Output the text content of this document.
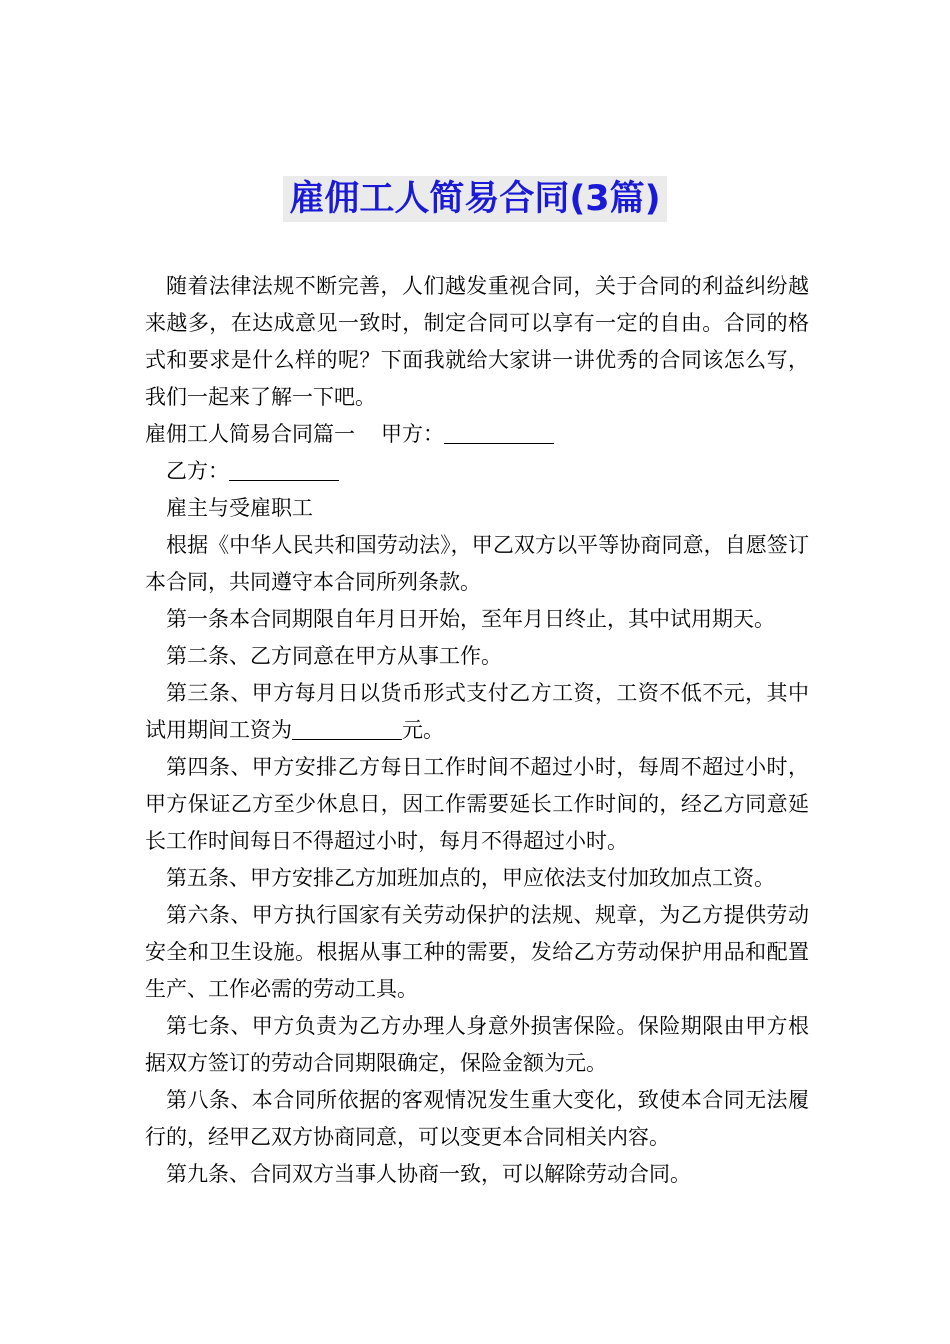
雇佣工人简易合同(3篇)

随着法律法规不断完善，人们越发重视合同，关于合同的利益纠纷越来越多，在达成意见一致时，制定合同可以享有一定的自由。合同的格式和要求是什么样的呢？下面我就给大家讲一讲优秀的合同该怎么写，我们一起来了解一下吧。

雇佣工人简易合同篇一 甲方：

乙方：

雇主与受雇职工

根据《中华人民共和国劳动法》，甲乙双方以平等协商同意，自愿签订本合同，共同遵守本合同所列条款。

第一条本合同期限自年月日开始，至年月日终止，其中试用期天。

第二条、乙方同意在甲方从事工作。

第三条、甲方每月日以货币形式支付乙方工资，工资不低不元，其中试用期间工资为	元。

第四条、甲方安排乙方每日工作时间不超过小时，每周不超过小时，甲方保证乙方至少休息日，因工作需要延长工作时间的，经乙方同意延长工作时间每日不得超过小时，每月不得超过小时。

第五条、甲方安排乙方加班加点的，甲应依法支付加玫加点工资。

第六条、甲方执行国家有关劳动保护的法规、规章，为乙方提供劳动安全和卫生设施。根据从事工种的需要，发给乙方劳动保护用品和配置生产、工作必需的劳动工具。

第七条、甲方负责为乙方办理人身意外损害保险。保险期限由甲方根据双方签订的劳动合同期限确定，保险金额为元。

第八条、本合同所依据的客观情况发生重大变化，致使本合同无法履行的，经甲乙双方协商同意，可以变更本合同相关内容。

第九条、合同双方当事人协商一致，可以解除劳动合同。
